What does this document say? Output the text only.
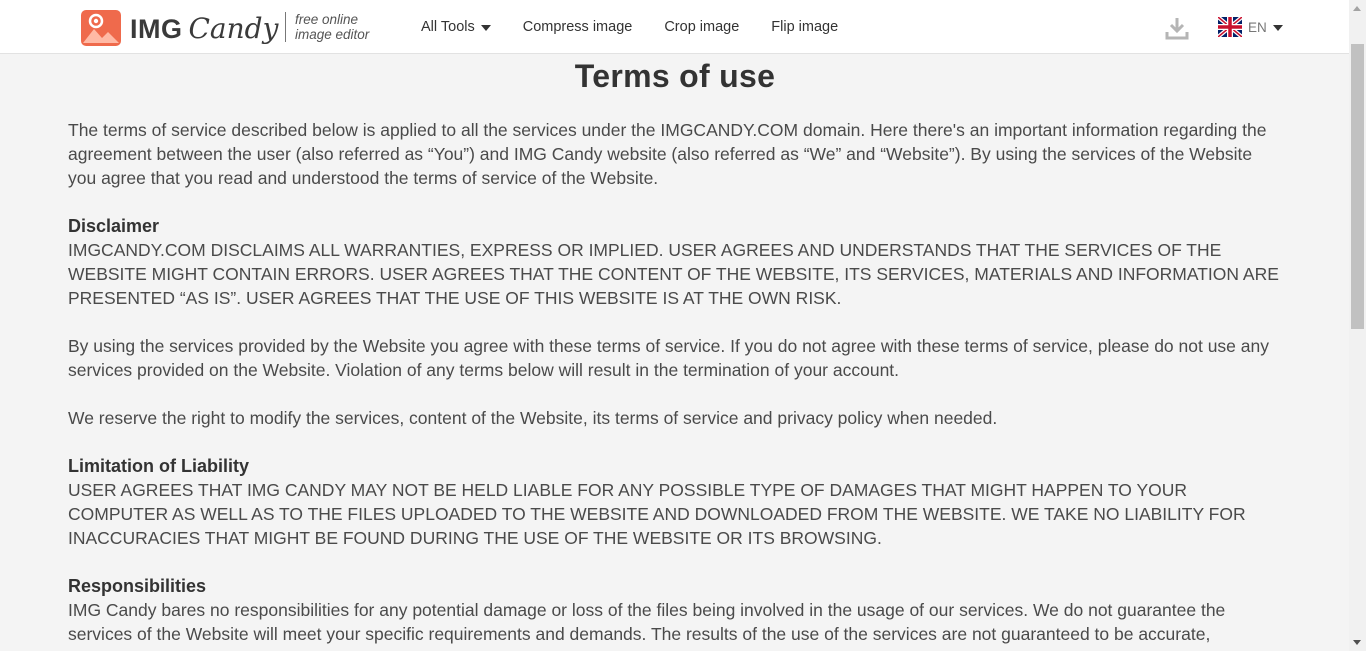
IMG Candy free online
image editor	All Tools	Compress image Crop image Flip image	EN
Terms of use

The terms of service described below is applied to all the services under the IMGCANDY.COM domain. Here there's an important information regarding the agreement between the user (also referred as “You”) and IMG Candy website (also referred as “We” and “Website”). By using the services of the Website you agree that you read and understood the terms of service of the Website.

Disclaimer

IMGCANDY.COM DISCLAIMS ALL WARRANTIES, EXPRESS OR IMPLIED. USER AGREES AND UNDERSTANDS THAT THE SERVICES OF THE WEBSITE MIGHT CONTAIN ERRORS. USER AGREES THAT THE CONTENT OF THE WEBSITE, ITS SERVICES, MATERIALS AND INFORMATION ARE PRESENTED “AS IS”. USER AGREES THAT THE USE OF THIS WEBSITE IS AT THE OWN RISK.

By using the services provided by the Website you agree with these terms of service. If you do not agree with these terms of service, please do not use any services provided on the Website. Violation of any terms below will result in the termination of your account.

We reserve the right to modify the services, content of the Website, its terms of service and privacy policy when needed.

Limitation of Liability

USER AGREES THAT IMG CANDY MAY NOT BE HELD LIABLE FOR ANY POSSIBLE TYPE OF DAMAGES THAT MIGHT HAPPEN TO YOUR COMPUTER AS WELL AS TO THE FILES UPLOADED TO THE WEBSITE AND DOWNLOADED FROM THE WEBSITE. WE TAKE NO LIABILITY FOR INACCURACIES THAT MIGHT BE FOUND DURING THE USE OF THE WEBSITE OR ITS BROWSING.

Responsibilities

IMG Candy bares no responsibilities for any potential damage or loss of the files being involved in the usage of our services. We do not guarantee the services of the Website will meet your specific requirements and demands. The results of the use of the services are not guaranteed to be accurate,
